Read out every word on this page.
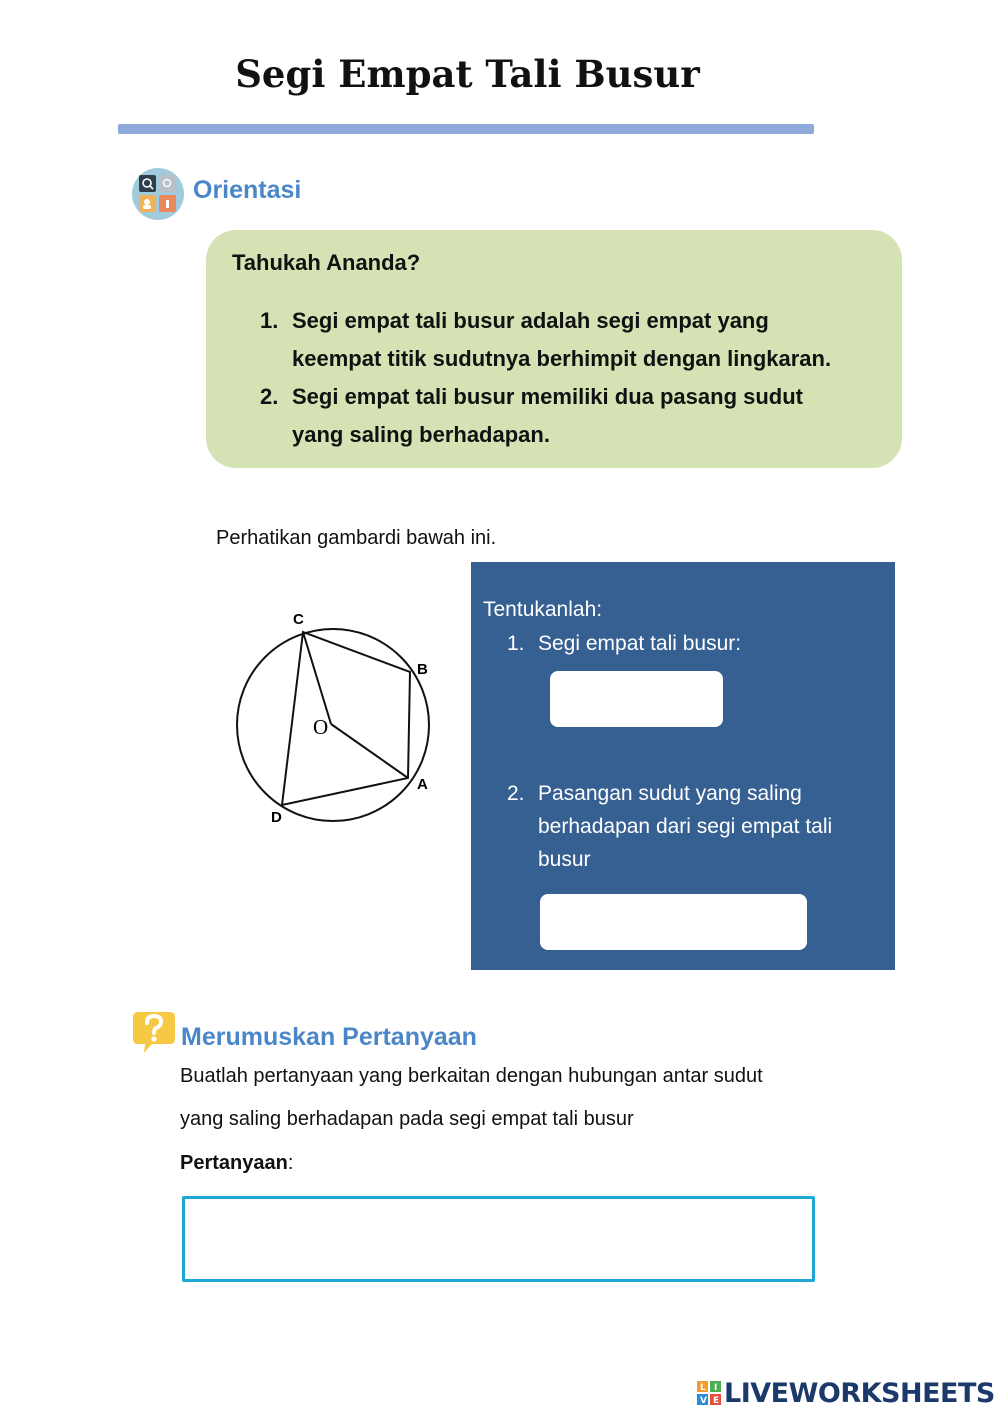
Segi Empat Tali Busur
Orientasi
Tahukah Ananda?
1. Segi empat tali busur adalah segi empat yang
keempat titik sudutnya berhimpit dengan lingkaran.
2. Segi empat tali busur memiliki dua pasang sudut
yang saling berhadapan.
Perhatikan gambardi bawah ini.
C
B
O
A
D
Tentukanlah:
1. Segi empat tali busur:
2. Pasangan sudut yang saling
berhadapan dari segi empat tali
busur
Merumuskan Pertanyaan
Buatlah pertanyaan yang berkaitan dengan hubungan antar sudut
yang saling berhadapan pada segi empat tali busur
Pertanyaan:
L I
V E LIVEWORKSHEETS
